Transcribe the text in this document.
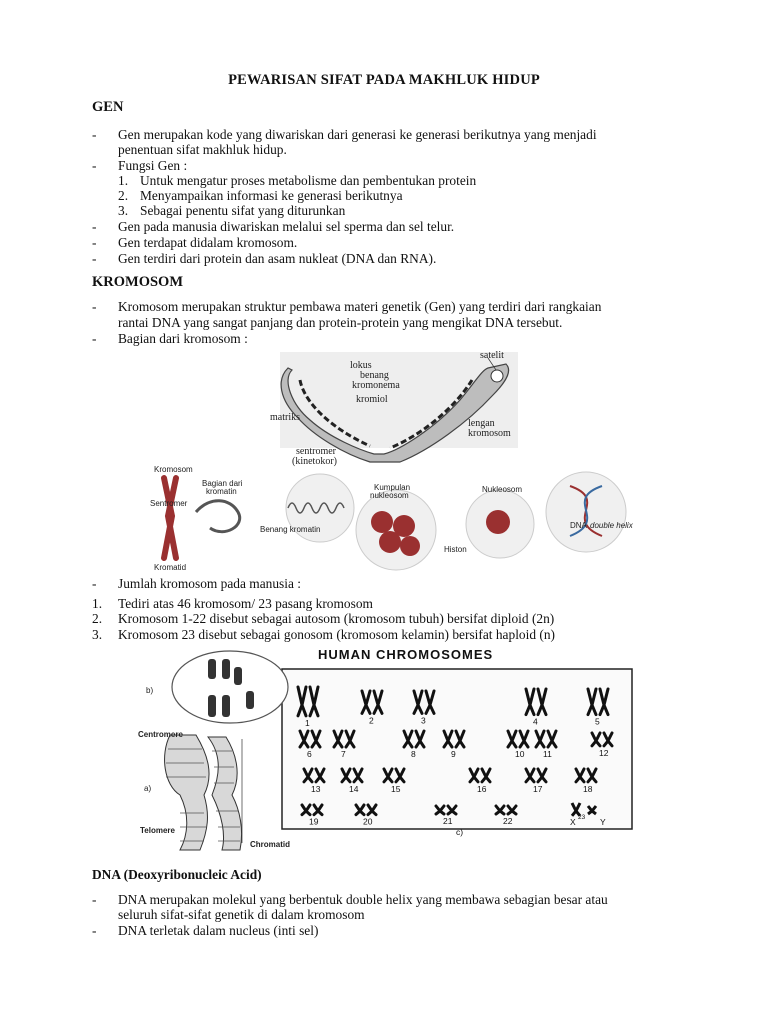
PEWARISAN SIFAT PADA MAKHLUK HIDUP
GEN
- Gen merupakan kode yang diwariskan dari generasi ke generasi berikutnya yang menjadi
penentuan sifat makhluk hidup.
- Fungsi Gen :
1. Untuk mengatur proses metabolisme dan pembentukan protein
2. Menyampaikan informasi ke generasi berikutnya
3. Sebagai penentu sifat yang diturunkan
- Gen pada manusia diwariskan melalui sel sperma dan sel telur.
- Gen terdapat didalam kromosom.
- Gen terdiri dari protein dan asam nukleat (DNA dan RNA).
KROMOSOM
- Kromosom merupakan struktur pembawa materi genetik (Gen) yang terdiri dari rangkaian
rantai DNA yang sangat panjang dan protein-protein yang mengikat DNA tersebut.
- Bagian dari kromosom :
satelit
lokus
benang
kromonema
kromiol
matriks
lengan
kromosom
sentromer
(kinetokor)
Kromosom
Bagian dari
kromatin
Sentromer
Benang kromatin
Kumpulan
nukleosom
Nukleosom
Histon
DNA double helix
Kromatid
- Jumlah kromosom pada manusia :
1. Tediri atas 46 kromosom/ 23 pasang kromosom
2. Kromosom 1-22 disebut sebagai autosom (kromosom tubuh) bersifat diploid (2n)
3. Kromosom 23 disebut sebagai gonosom (kromosom kelamin) bersifat haploid (n)
HUMAN CHROMOSOMES
b)
Centromere
a)
Telomere
Chromatid
1	2	3	4	5
6	7	8	9	10 11	12
13	14	15	16	17	18
19	20	21	22	X 23 Y
c)
DNA (Deoxyribonucleic Acid)
- DNA merupakan molekul yang berbentuk double helix yang membawa sebagian besar atau
seluruh sifat-sifat genetik di dalam kromosom
- DNA terletak dalam nucleus (inti sel)
